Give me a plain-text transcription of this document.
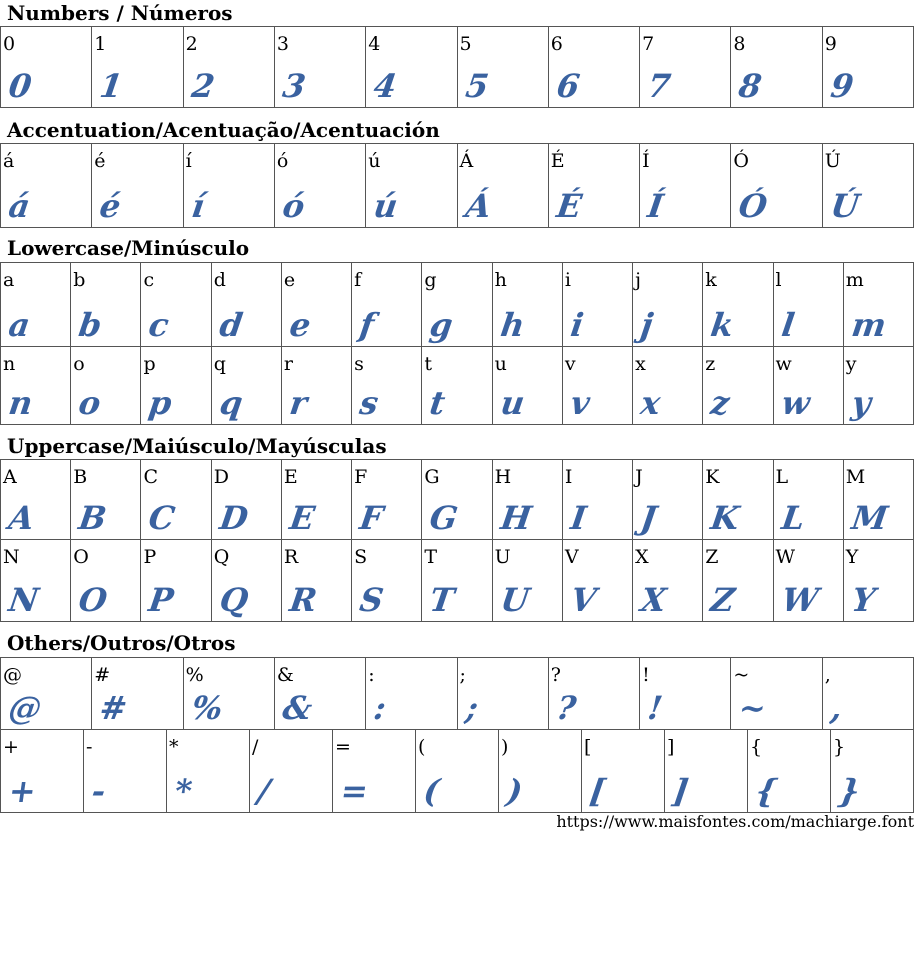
Numbers / Números
0
0
1
1
2
2
3
3
4
4
5
5
6
6
7
7
8
8
9
9
Accentuation/Acentuação/Acentuación
á
á
é
é
í
í
ó
ó
ú
ú
Á
Á
É
É
Í
Í
Ó
Ó
Ú
Ú
Lowercase/Minúsculo
a
a
b
b
c
c
d
d
e
e
f
f
g
g
h
h
i
i
j
j
k
k
l
l
m
m
n
n
o
o
p
p
q
q
r
r
s
s
t
t
u
u
v
v
x
x
z
z
w
w
y
y
Uppercase/Maiúsculo/Mayúsculas
A
A
B
B
C
C
D
D
E
E
F
F
G
G
H
H
I
I
J
J
K
K
L
L
M
M
N
N
O
O
P
P
Q
Q
R
R
S
S
T
T
U
U
V
V
X
X
Z
Z
W
W
Y
Y
Others/Outros/Otros
@
@
#
#
%
%
&
&
:
:
;
;
?
?
!
!
~
~
,
,
+
+
-
-
*
*
/
/
=
=
(
(
)
)
[
[
]
]
{
{
}
}
https://www.maisfontes.com/machiarge.font
